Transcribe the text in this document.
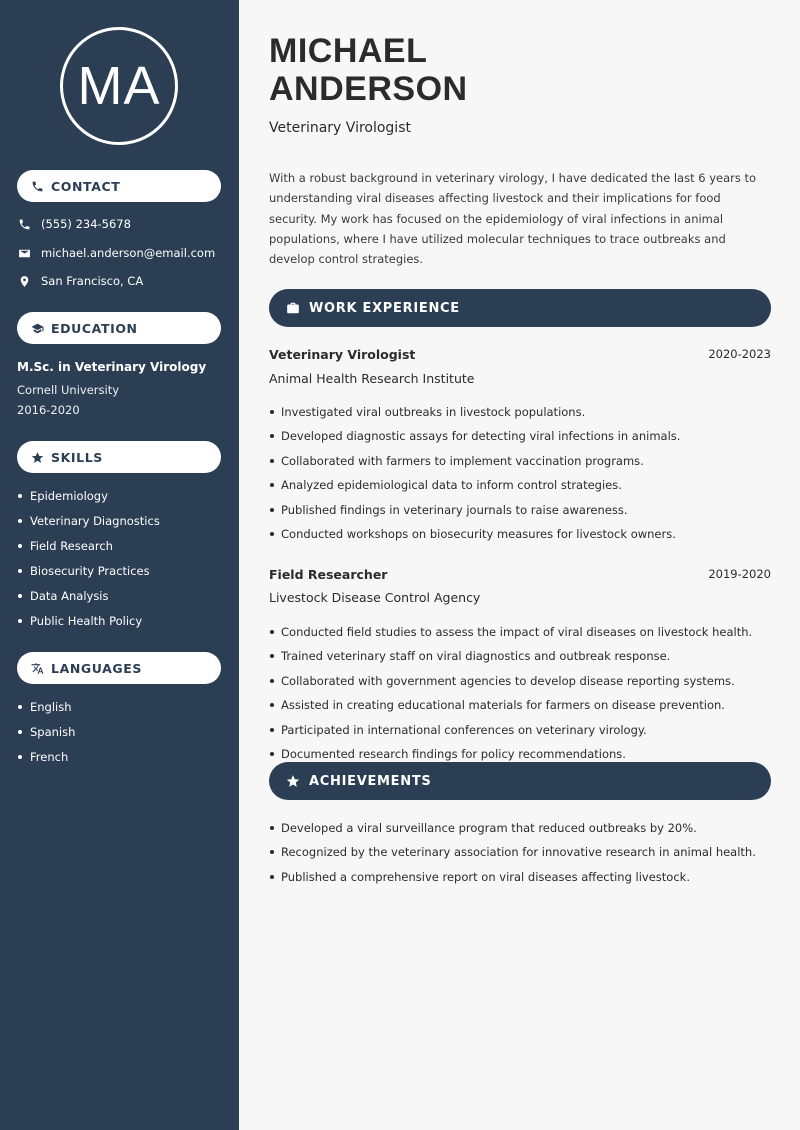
MA
CONTACT
(555) 234-5678
michael.anderson@email.com
San Francisco, CA
EDUCATION
M.Sc. in Veterinary Virology
Cornell University
2016-2020
SKILLS
Epidemiology
Veterinary Diagnostics
Field Research
Biosecurity Practices
Data Analysis
Public Health Policy
LANGUAGES
English
Spanish
French
MICHAEL
ANDERSON
Veterinary Virologist

With a robust background in veterinary virology, I have dedicated the last 6 years to understanding viral diseases affecting livestock and their implications for food security. My work has focused on the epidemiology of viral infections in animal populations, where I have utilized molecular techniques to trace outbreaks and develop control strategies.

WORK EXPERIENCE
Veterinary Virologist	2020-2023
Animal Health Research Institute
Investigated viral outbreaks in livestock populations.
Developed diagnostic assays for detecting viral infections in animals.
Collaborated with farmers to implement vaccination programs.
Analyzed epidemiological data to inform control strategies.
Published findings in veterinary journals to raise awareness.
Conducted workshops on biosecurity measures for livestock owners.
Field Researcher	2019-2020
Livestock Disease Control Agency
Conducted field studies to assess the impact of viral diseases on livestock health.
Trained veterinary staff on viral diagnostics and outbreak response.
Collaborated with government agencies to develop disease reporting systems.
Assisted in creating educational materials for farmers on disease prevention.
Participated in international conferences on veterinary virology.
Documented research findings for policy recommendations.
ACHIEVEMENTS
Developed a viral surveillance program that reduced outbreaks by 20%.
Recognized by the veterinary association for innovative research in animal health.
Published a comprehensive report on viral diseases affecting livestock.
